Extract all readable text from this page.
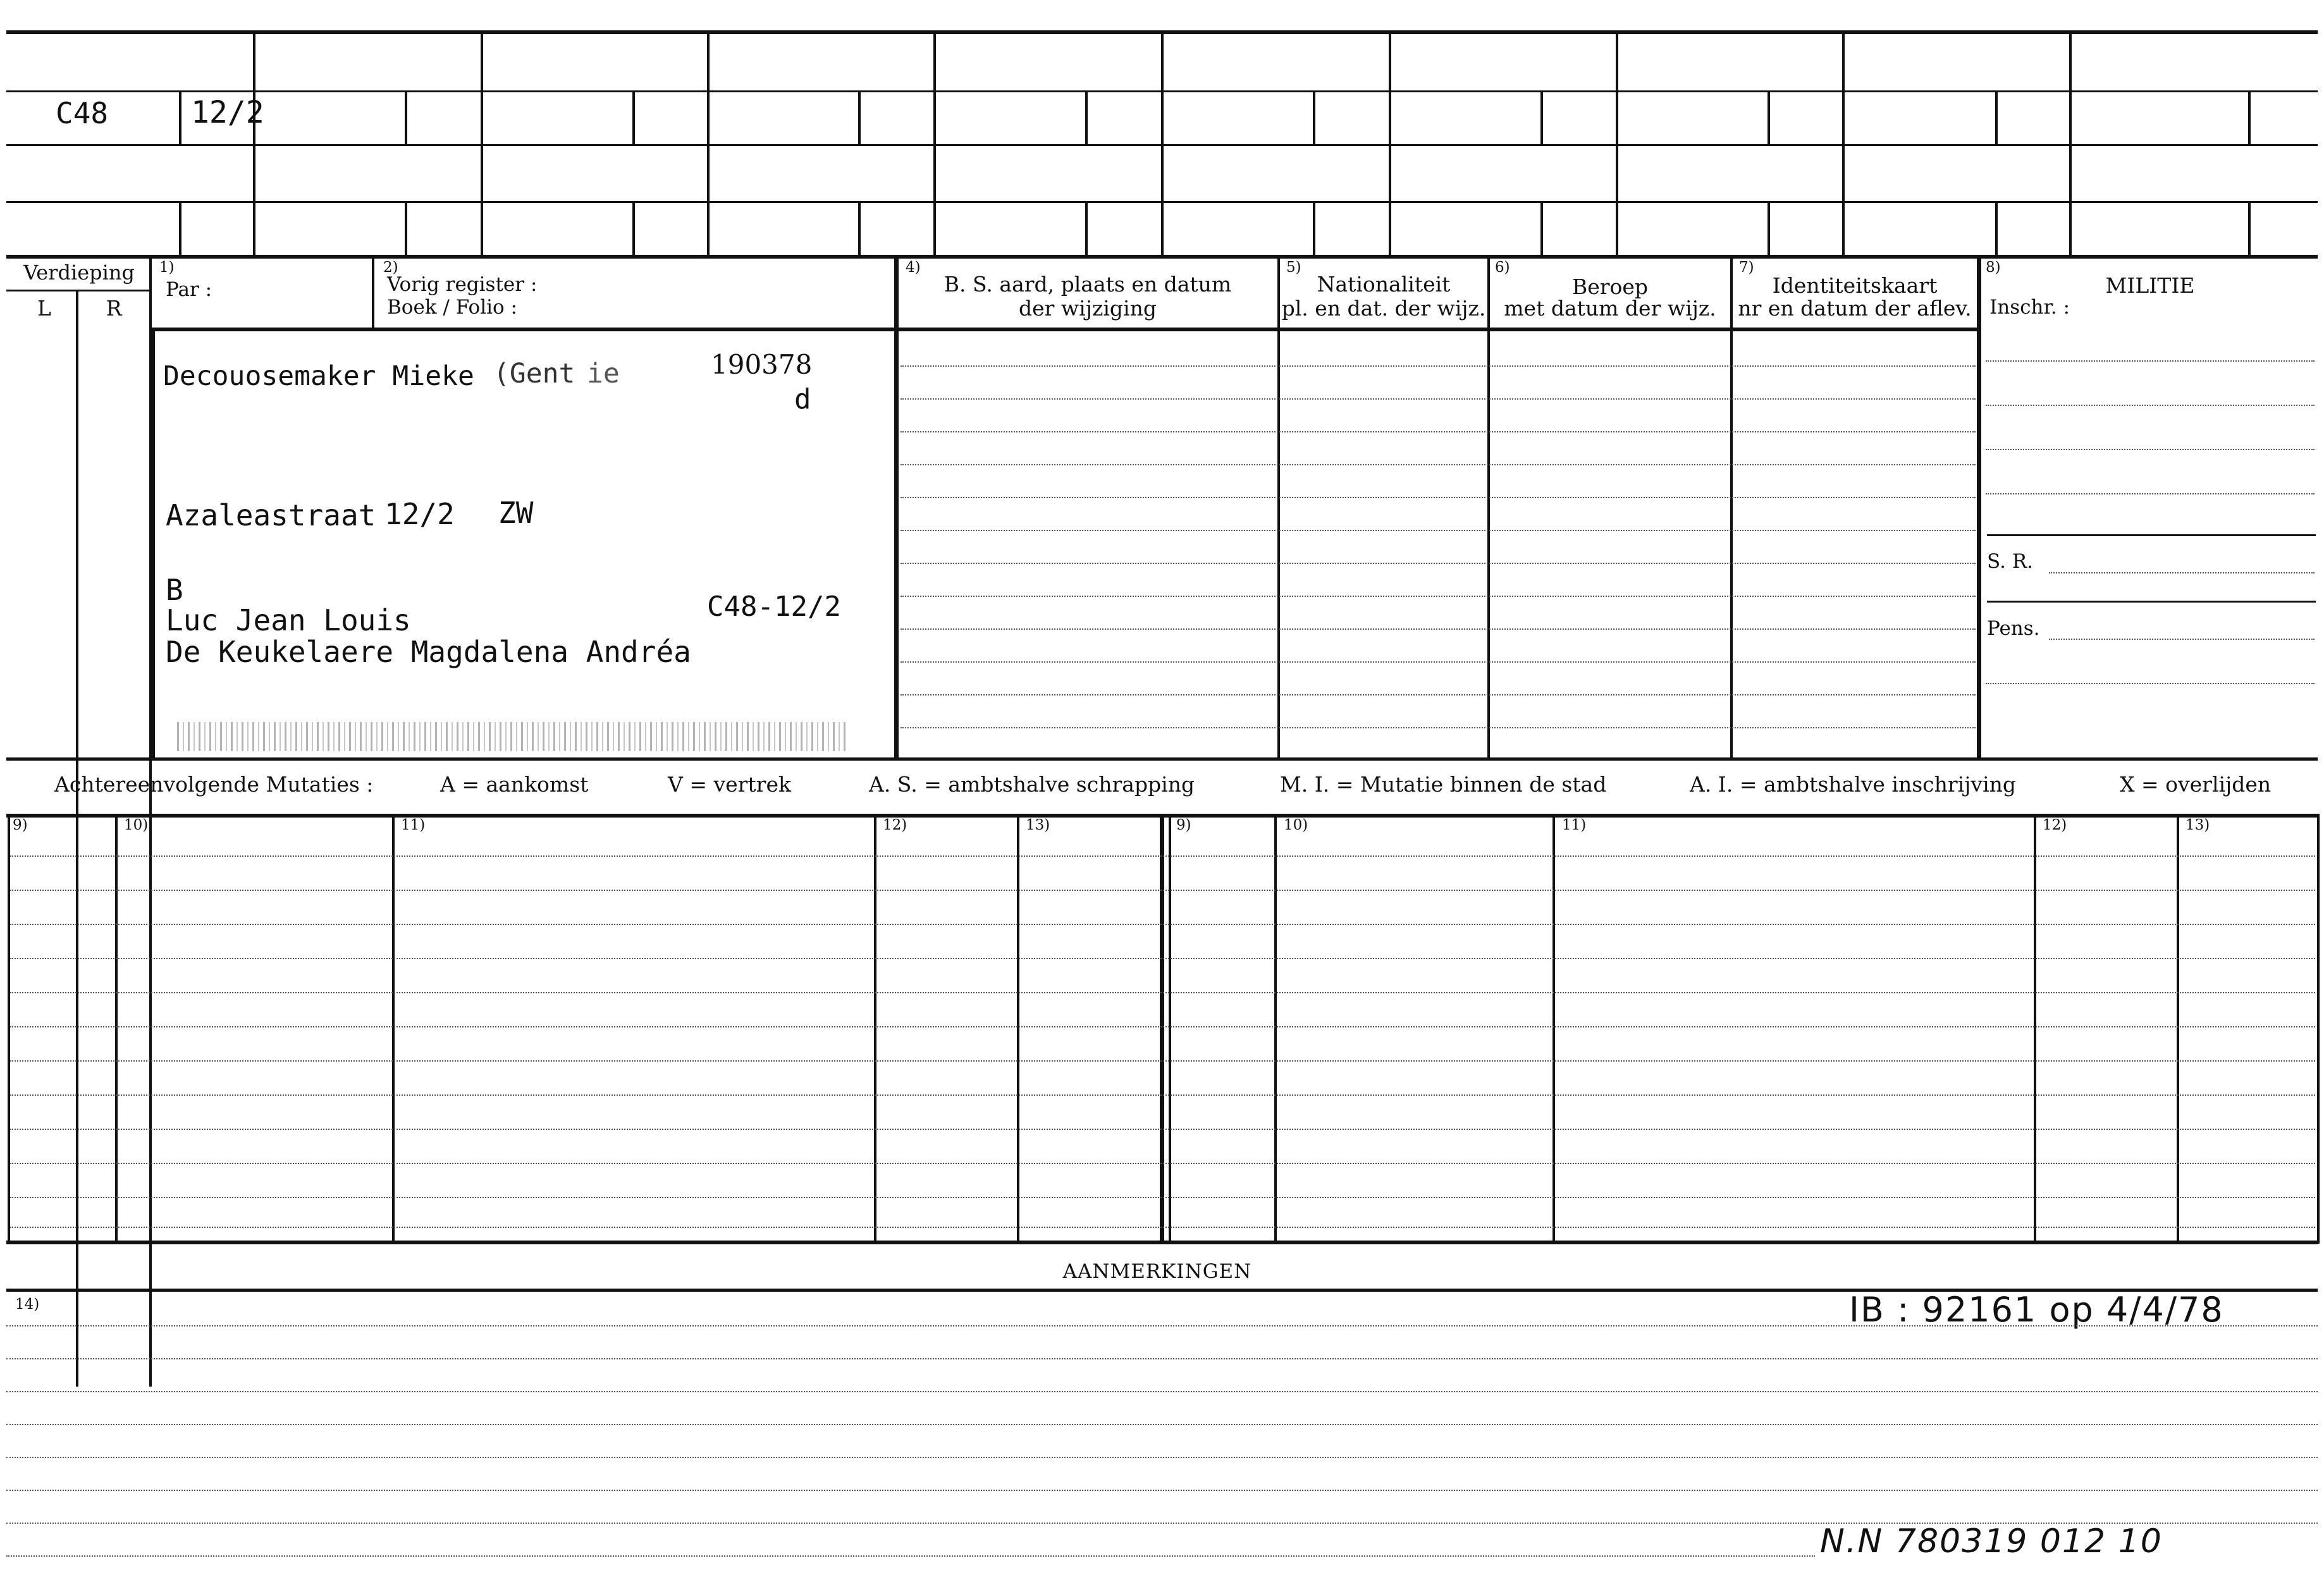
C48	12/2
Verdieping
L	R
1)
Par :
2)
Vorig register :
Boek / Folio :
4)
B. S. aard, plaats en datum
der wijziging
5)
Nationaliteit
pl. en dat. der wijz.
6)
Beroep
met datum der wijz.
7)
Identiteitskaart
nr en datum der aflev.
8)
MILITIE
Inschr. :
S. R.
Pens.
Decouosemaker Mieke (Gent ie	190378
d
Azaleastraat 12/2 ZW
B
Luc Jean Louis	C48-12/2
De Keukelaere Magdalena Andréa
Achtereenvolgende Mutaties :	A = aankomst	V = vertrek	A. S. = ambtshalve schrapping	M. I. = Mutatie binnen de stad	A. I. = ambtshalve inschrijving	X = overlijden
9)	10)	11)	12)	13)	9)	10)	11)	12)	13)
AANMERKINGEN
14)	IB : 92161 op 4/4/78
N.N 780319 012 10
